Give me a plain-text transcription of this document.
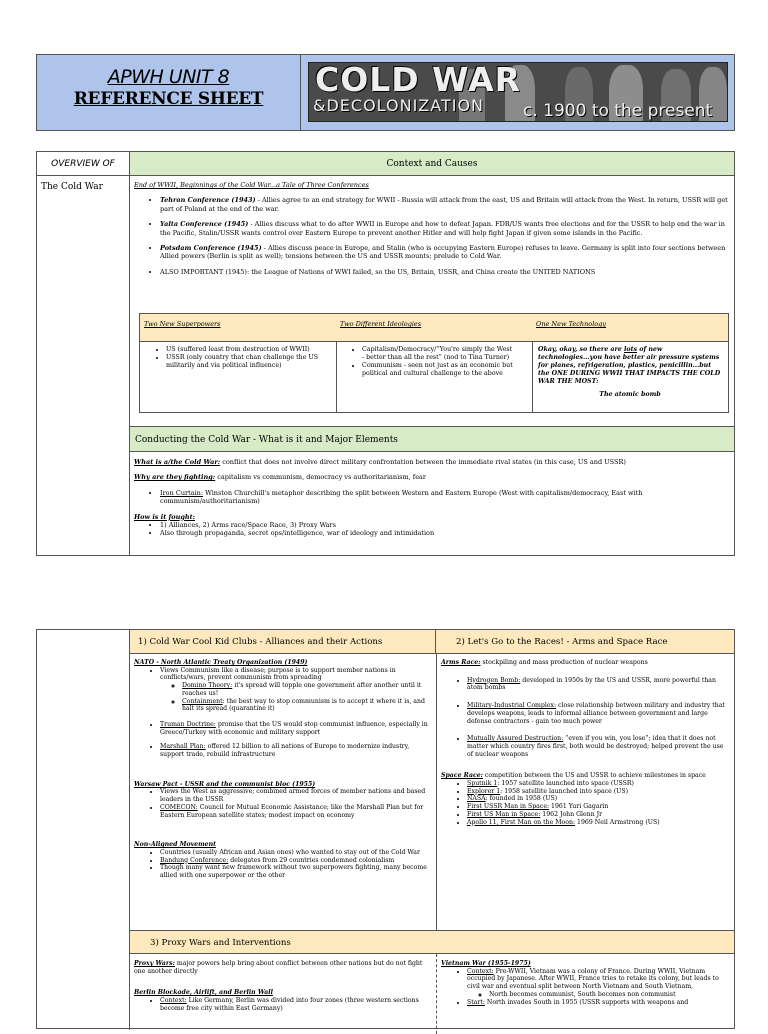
APWH UNIT 8
REFERENCE SHEET	COLD WAR
&DECOLONIZATION c. 1900 to the present
OVERVIEW OF
The Cold War
Context and Causes

End of WWII, Beginnings of the Cold War...a Tale of Three Conferences

• Tehran Conference (1943) - Allies agree to an end strategy for WWII - Russia will attack from the east, US and Britain will attack from the West. In return, USSR will get part of Poland at the end of the war.
• Yalta Conference (1945) - Allies discuss what to do after WWII in Europe and how to defeat Japan. FDR/US wants free elections and for the USSR to help end the war in the Pacific, Stalin/USSR wants control over Eastern Europe to prevent another Hitler and will help fight Japan if given some islands in the Pacific.
• Potsdam Conference (1945) - Allies discuss peace in Europe, and Stalin (who is occupying Eastern Europe) refuses to leave. Germany is split into four sections between Allied powers (Berlin is split as well); tensions between the US and USSR mounts; prelude to Cold War.
• ALSO IMPORTANT (1945): the League of Nations of WWI failed, so the US, Britain, USSR, and China create the UNITED NATIONS
Two New Superpowers
• US (suffered least from destruction of WWII)
• USSR (only country that chan challenge the US militarily and via political influence)
Two Different Ideologies
• Capitalism/Democracy/“You're simply the West - better than all the rest” (nod to Tina Turner)
• Communism - seen not just as an economic but political and cultural challenge to the above
One New Technology
Okay, okay, so there are lots of new technologies...you have better air pressure systems for planes, refrigeration, plastics, penicillin...but the ONE DURING WWII THAT IMPACTS THE COLD WAR THE MOST:
The atomic bomb
Conducting the Cold War - What is it and Major Elements

What is a/the Cold War: conflict that does not involve direct military confrontation between the immediate rival states (in this case, US and USSR)

Why are they fighting: capitalism vs communism, democracy vs authoritarianism, fear

• Iron Curtain: Winston Churchill's metaphor describing the split between Western and Eastern Europe (West with capitalism/democracy, East with communism/authoritarianism)

How is it fought:

• 1) Alliances, 2) Arms race/Space Race, 3) Proxy Wars
• Also through propaganda, secret ops/intelligence, war of ideology and intimidation
1) Cold War Cool Kid Clubs - Alliances and their Actions	2) Let's Go to the Races! - Arms and Space Race

NATO - North Atlantic Treaty Organization (1949)

• Views Communism like a disease; purpose is to support member nations in conflicts/wars, prevent communism from spreading
◦ Domino Theory: it's spread will topple one government after another until it reaches us!
◦ Containment: the best way to stop communism is to accept it where it is, and halt its spread (quarantine it)
• Truman Doctrine: promise that the US would stop communist influence, especially in Greece/Turkey with economic and military support
• Marshall Plan: offered 12 billion to all nations of Europe to modernize industry, support trade, rebuild infrastructure

Warsaw Pact - USSR and the communist bloc (1955)

• Views the West as aggressive; combined armed forces of member nations and based leaders in the USSR
• COMECON: Council for Mutual Economic Assistance; like the Marshall Plan but for Eastern European satellite states; modest impact on economy

Non-Aligned Movement

• Countries (usually African and Asian ones) who wanted to stay out of the Cold War
• Bandung Conference: delegates from 29 countries condemned colonialism
• Though many want new framework without two superpowers fighting, many become allied with one superpower or the other

Arms Race: stockpiling and mass production of nuclear weapons

• Hydrogen Bomb: developed in 1950s by the US and USSR, more powerful than atom bombs
• Military-Industrial Complex: close relationship between military and industry that develops weapons, leads to informal alliance between government and large defense contractors - gain too much power
• Mutually Assured Destruction: “even if you win, you lose”; idea that it does not matter which country fires first, both would be destroyed; helped prevent the use of nuclear weapons

Space Race: competition between the US and USSR to achieve milestones in space

• Sputnik 1: 1957 satellite launched into space (USSR)
• Explorer 1: 1958 satellite launched into space (US)
• NASA: founded in 1958 (US)
• First USSR Man in Space: 1961 Yuri Gagarin
• First US Man in Space: 1962 John Glenn Jr
• Apollo 11, First Man on the Moon: 1969 Neil Armstrong (US)
3) Proxy Wars and Interventions

Proxy Wars: major powers help bring about conflict between other nations but do not fight one another directly

Berlin Blockade, Airlift, and Berlin Wall

• Context: Like Germany, Berlin was divided into four zones (three western sections become free city within East Germany)

Vietnam War (1955-1975)

• Context: Pre-WWII, Vietnam was a colony of France. During WWII, Vietnam occupied by Japanese. After WWII, France tries to retake its colony, but leads to civil war and eventual split between North Vietnam and South Vietnam,
◦ North becomes communist, South becomes non communist
• Start: North invades South in 1955 (USSR supports with weapons and
